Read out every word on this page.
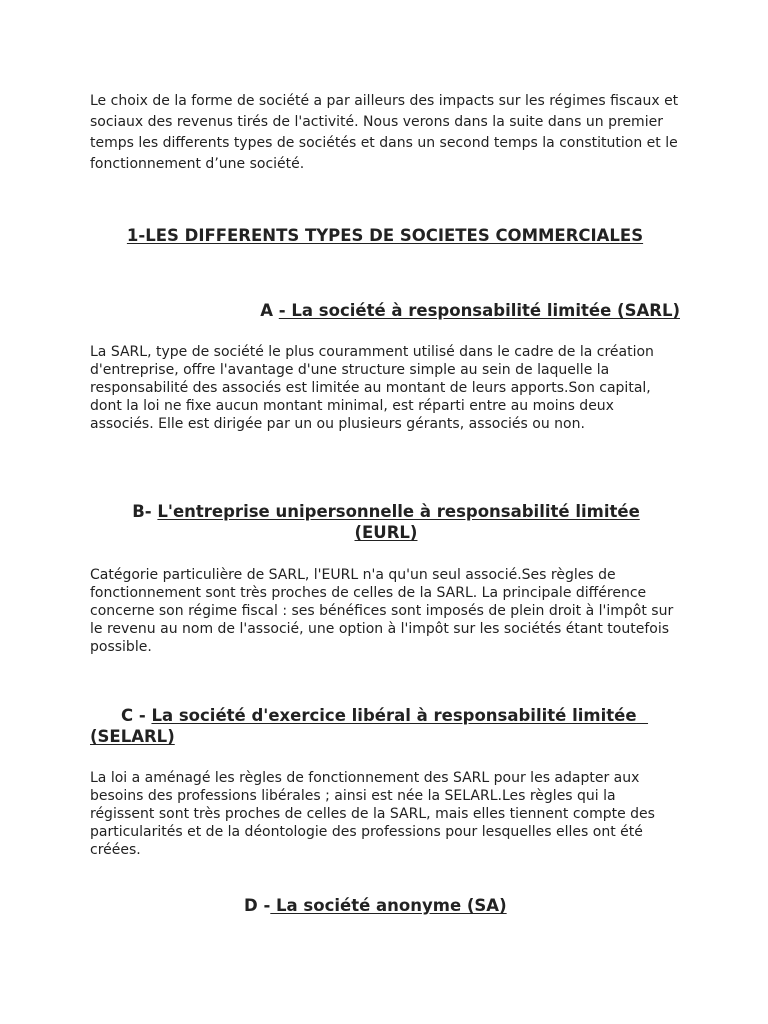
Le choix de la forme de société a par ailleurs des impacts sur les régimes fiscaux et sociaux des revenus tirés de l'activité. Nous verons dans la suite dans un premier temps les differents types de sociétés et dans un second temps la constitution et le fonctionnement d’une société.

1-LES DIFFERENTS TYPES DE SOCIETES COMMERCIALES
A - La société à responsabilité limitée (SARL)

La SARL, type de société le plus couramment utilisé dans le cadre de la création d'entreprise, offre l'avantage d'une structure simple au sein de laquelle la responsabilité des associés est limitée au montant de leurs apports.Son capital, dont la loi ne fixe aucun montant minimal, est réparti entre au moins deux associés. Elle est dirigée par un ou plusieurs gérants, associés ou non.

B- L'entreprise unipersonnelle à responsabilité limitée (EURL)

Catégorie particulière de SARL, l'EURL n'a qu'un seul associé.Ses règles de fonctionnement sont très proches de celles de la SARL. La principale différence concerne son régime fiscal : ses bénéfices sont imposés de plein droit à l'impôt sur le revenu au nom de l'associé, une option à l'impôt sur les sociétés étant toutefois possible.

C - La société d'exercice libéral à responsabilité limitée  (SELARL)

La loi a aménagé les règles de fonctionnement des SARL pour les adapter aux besoins des professions libérales ; ainsi est née la SELARL.Les règles qui la régissent sont très proches de celles de la SARL, mais elles tiennent compte des particularités et de la déontologie des professions pour lesquelles elles ont été créées.

D - La société anonyme (SA)
